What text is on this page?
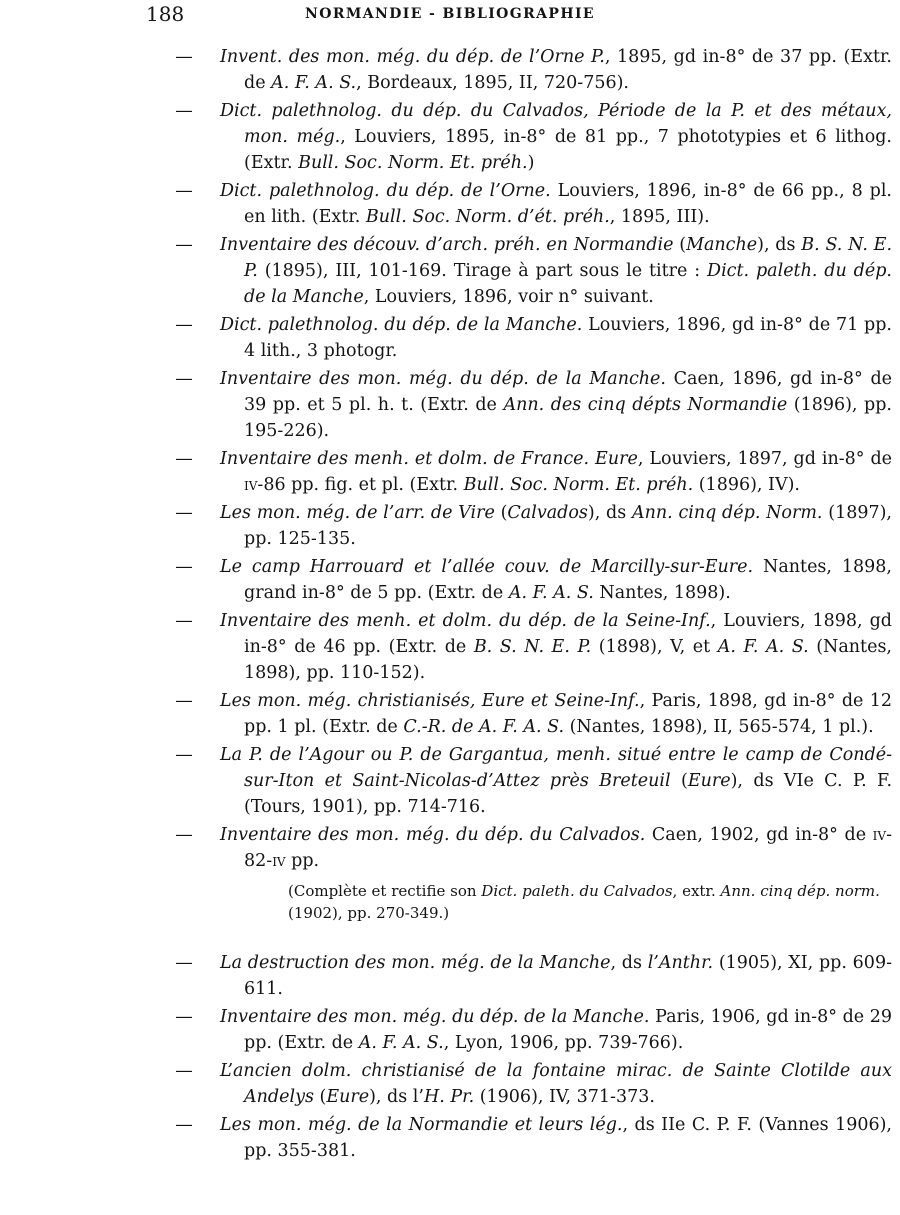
188	NORMANDIE - BIBLIOGRAPHIE
— Invent. des mon. még. du dép. de l’Orne P., 1895, gd in-8° de 37 pp. (Extr. de A. F. A. S., Bordeaux, 1895, II, 720-756).
— Dict. palethnolog. du dép. du Calvados, Période de la P. et des métaux, mon. még., Louviers, 1895, in-8° de 81 pp., 7 phototypies et 6 lithog. (Extr. Bull. Soc. Norm. Et. préh.)
— Dict. palethnolog. du dép. de l’Orne. Louviers, 1896, in-8° de 66 pp., 8 pl. en lith. (Extr. Bull. Soc. Norm. d’ét. préh., 1895, III).
— Inventaire des découv. d’arch. préh. en Normandie (Manche), ds B. S. N. E. P. (1895), III, 101-169. Tirage à part sous le titre : Dict. paleth. du dép. de la Manche, Louviers, 1896, voir n° suivant.
— Dict. palethnolog. du dép. de la Manche. Louviers, 1896, gd in-8° de 71 pp. 4 lith., 3 photogr.
— Inventaire des mon. még. du dép. de la Manche. Caen, 1896, gd in-8° de 39 pp. et 5 pl. h. t. (Extr. de Ann. des cinq dépts Normandie (1896), pp. 195-226).
— Inventaire des menh. et dolm. de France. Eure, Louviers, 1897, gd in-8° de iv-86 pp. fig. et pl. (Extr. Bull. Soc. Norm. Et. préh. (1896), IV).
— Les mon. még. de l’arr. de Vire (Calvados), ds Ann. cinq dép. Norm. (1897), pp. 125-135.
— Le camp Harrouard et l’allée couv. de Marcilly-sur-Eure. Nantes, 1898, grand in-8° de 5 pp. (Extr. de A. F. A. S. Nantes, 1898).
— Inventaire des menh. et dolm. du dép. de la Seine-Inf., Louviers, 1898, gd in-8° de 46 pp. (Extr. de B. S. N. E. P. (1898), V, et A. F. A. S. (Nantes, 1898), pp. 110-152).
— Les mon. még. christianisés, Eure et Seine-Inf., Paris, 1898, gd in-8° de 12 pp. 1 pl. (Extr. de C.-R. de A. F. A. S. (Nantes, 1898), II, 565-574, 1 pl.).
— La P. de l’Agour ou P. de Gargantua, menh. situé entre le camp de Condé-sur-Iton et Saint-Nicolas-d’Attez près Breteuil (Eure), ds VIe C. P. F. (Tours, 1901), pp. 714-716.
— Inventaire des mon. még. du dép. du Calvados. Caen, 1902, gd in-8° de iv-82-iv pp.
(Complète et rectifie son Dict. paleth. du Calvados, extr. Ann. cinq dép. norm. (1902), pp. 270-349.)
— La destruction des mon. még. de la Manche, ds l’Anthr. (1905), XI, pp. 609-611.
— Inventaire des mon. még. du dép. de la Manche. Paris, 1906, gd in-8° de 29 pp. (Extr. de A. F. A. S., Lyon, 1906, pp. 739-766).
— L’ancien dolm. christianisé de la fontaine mirac. de Sainte Clotilde aux Andelys (Eure), ds l’H. Pr. (1906), IV, 371-373.
— Les mon. még. de la Normandie et leurs lég., ds IIe C. P. F. (Vannes 1906), pp. 355-381.
